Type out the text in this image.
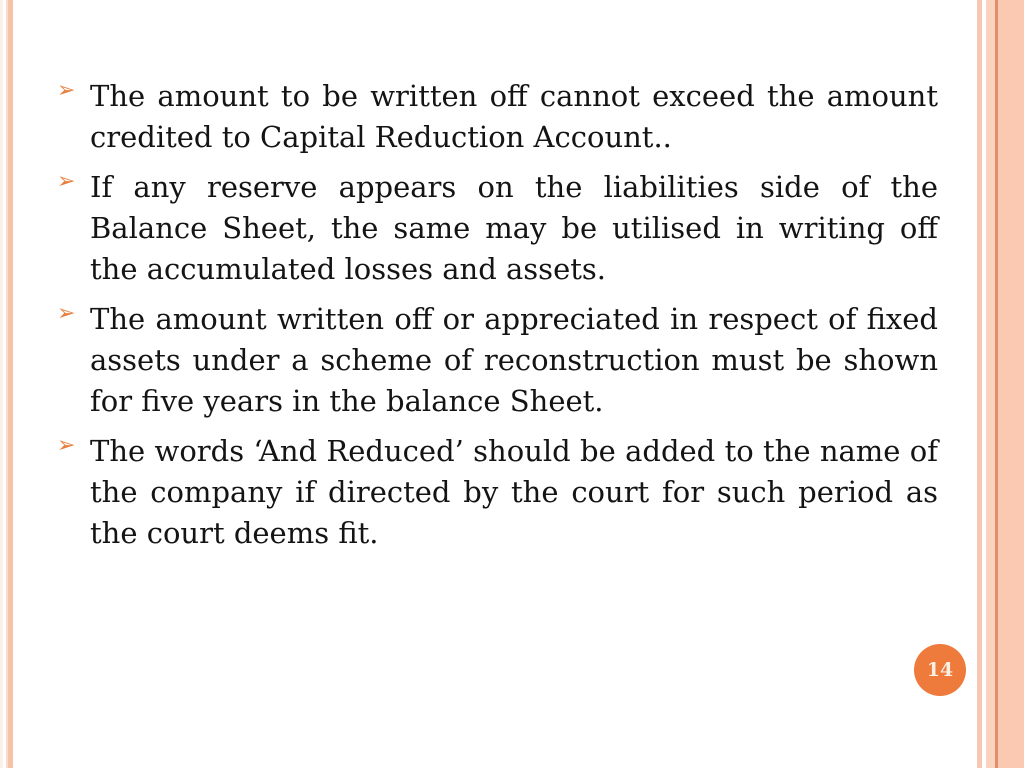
➢ The amount to be written off cannot exceed the amount credited to Capital Reduction Account..
➢ If any reserve appears on the liabilities side of the Balance Sheet, the same may be utilised in writing off the accumulated losses and assets.
➢ The amount written off or appreciated in respect of fixed assets under a scheme of reconstruction must be shown for five years in the balance Sheet.
➢ The words ‘And Reduced’ should be added to the name of the company if directed by the court for such period as the court deems fit.
14
